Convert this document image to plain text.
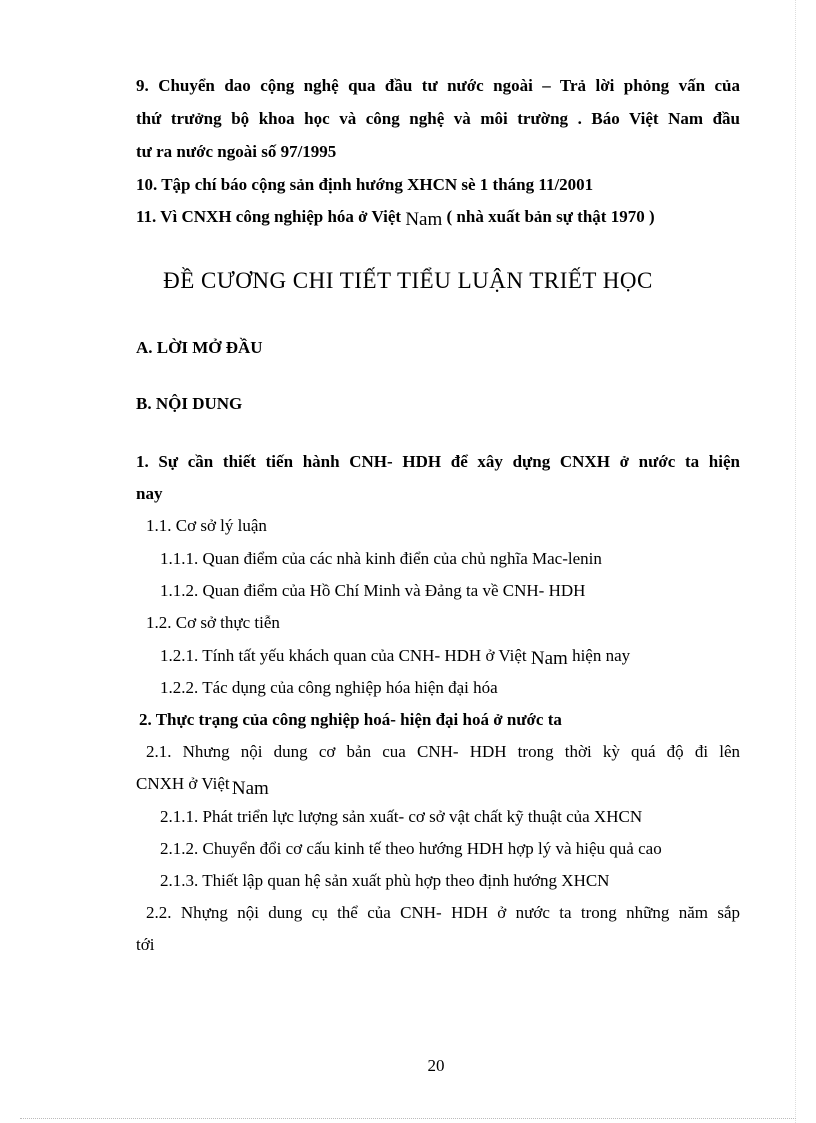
9. Chuyển dao cộng nghệ qua đầu tư nước ngoài – Trả lời phỏng vấn của
thứ trưởng bộ khoa học và công nghệ và môi trường . Báo Việt Nam đầu
tư ra nước ngoài số 97/1995
10. Tập chí báo cộng sản định hướng XHCN sè 1 tháng 11/2001
11. Vì CNXH công nghiệp hóa ở Việt Nam ( nhà xuất bản sự thật 1970 )
ĐỀ CƯƠNG CHI TIẾT TIỂU LUẬN TRIẾT HỌC
A. LỜI MỞ ĐẦU
B. NỘI DUNG
1. Sự cần thiết tiến hành CNH- HDH để xây dựng CNXH ở nước ta hiện
nay
1.1. Cơ sở lý luận
1.1.1. Quan điểm của các nhà kinh điển của chủ nghĩa Mac-lenin
1.1.2. Quan điểm của Hồ Chí Minh và Đảng ta về CNH- HDH
1.2. Cơ sở thực tiễn
1.2.1. Tính tất yếu khách quan của CNH- HDH ở Việt Nam hiện nay
1.2.2. Tác dụng của công nghiệp hóa hiện đại hóa
2. Thực trạng của công nghiệp hoá- hiện đại hoá ở nước ta
2.1. Nhưng nội dung cơ bản cua CNH- HDH trong thời kỳ quá độ đi lên
CNXH ở Việt Nam
2.1.1. Phát triển lực lượng sản xuất- cơ sở vật chất kỹ thuật của XHCN
2.1.2. Chuyển đổi cơ cấu kinh tế theo hướng HDH hợp lý và hiệu quả cao
2.1.3. Thiết lập quan hệ sản xuất phù hợp theo định hướng XHCN
2.2. Nhựng nội dung cụ thể của CNH- HDH ở nước ta trong những năm sắp
tới
20
